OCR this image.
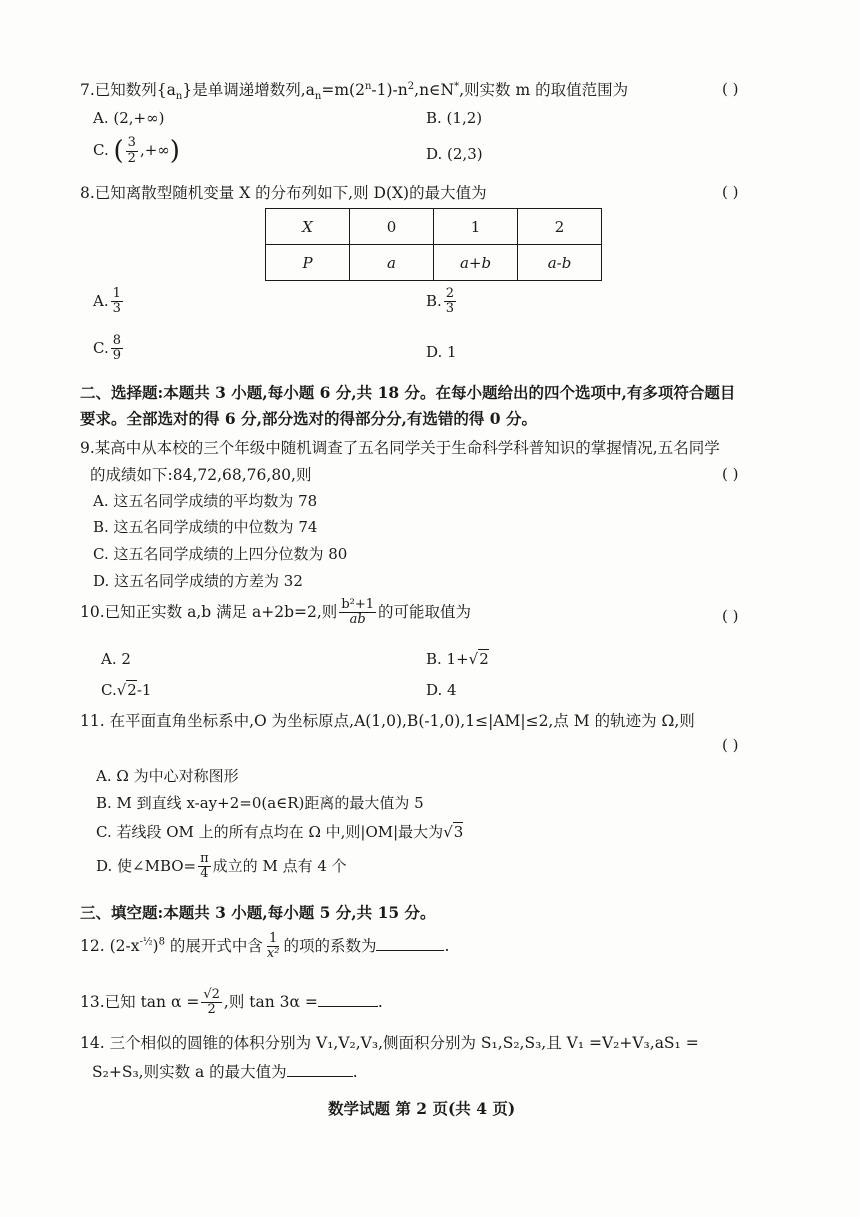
7.已知数列$\{a_n\}$是单调递增数列$,a_n=m(2^n-1)-n^2,n\in N^*$,则实数 m 的取值范围为	( )
A. (2,+∞)	B. (1,2)
C. ( $\frac{3}{2}$ ,+∞)	D. (2,3)
8.已知离散型随机变量 X 的分布列如下,则 D(X)的最大值为	( )
X	0	1	2
P	a	a+b	a-b
A. $\frac{1}{3}$	B. $\frac{2}{3}$
C. $\frac{8}{9}$	D. 1
二、选择题:本题共 3 小题,每小题 6 分,共 18 分。在每小题给出的四个选项中,有多项符合题目
要求。全部选对的得 6 分,部分选对的得部分分,有选错的得 0 分。
9.某高中从本校的三个年级中随机调查了五名同学关于生命科学科普知识的掌握情况,五名同学
的成绩如下:84,72,68,76,80,则	( )
A. 这五名同学成绩的平均数为 78
B. 这五名同学成绩的中位数为 74
C. 这五名同学成绩的上四分位数为 80
D. 这五名同学成绩的方差为 32
10.已知正实数 a,b 满足 a+2b=2,则 $\frac{\text{b²+1}}{ab}$ 的可能取值为	( )
A. 2	B. 1+√2
C.√2-1	D. 4
11. 在平面直角坐标系中,O 为坐标原点,A(1,0),B(-1,0),1≤|AM|≤2,点 M 的轨迹为 Ω,则
( )
A. Ω 为中心对称图形
B. M 到直线 x-ay+2=0(a∈R)距离的最大值为 5
C. 若线段 OM 上的所有点均在 Ω 中,则|OM|最大为√3
D. 使∠MBO= $\frac{\pi}{4}$ 成立的 M 点有 4 个
三、填空题:本题共 3 小题,每小题 5 分,共 15 分。
12. $(2-x^{-\frac{1}{2}})^8$ 的展开式中含 $\frac{1}{\text{x²}}$ 的项的系数为	.
13.已知 $\tan \alpha = \frac{√2}{2}$ ,则 tan 3α =	.
14. 三个相似的圆锥的体积分别为 V₁,V₂,V₃,侧面积分别为 S₁,S₂,S₃,且 V₁ =V₂+V₃,aS₁ =
S₂+S₃,则实数 a 的最大值为	.
数学试题 第 2 页(共 4 页)
